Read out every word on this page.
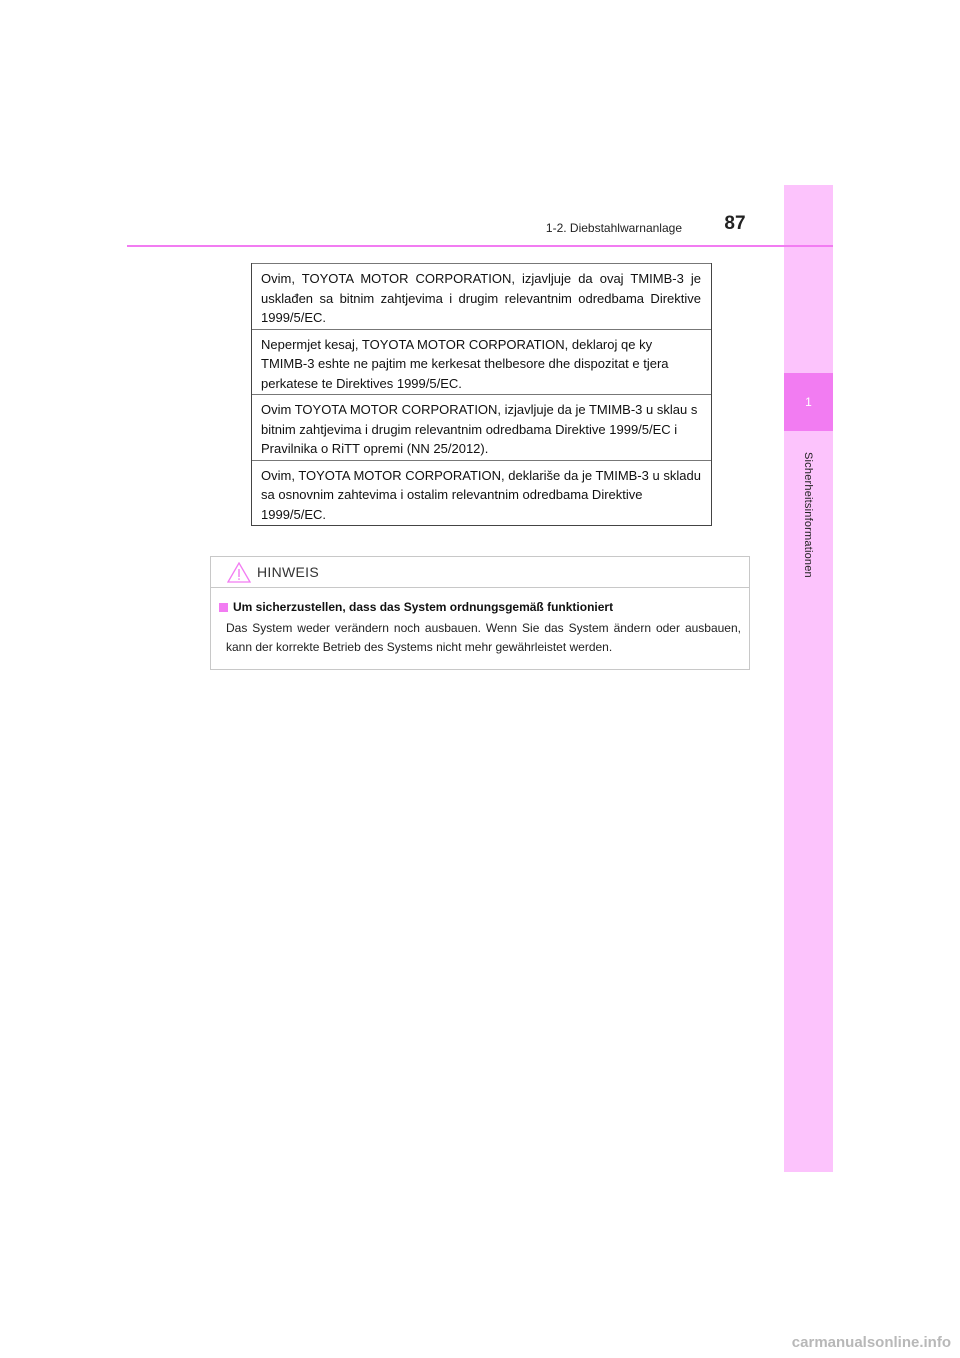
1
Sicherheitsinformationen
1-2. Diebstahlwarnanlage	87
Ovim, TOYOTA MOTOR CORPORATION, izjavljuje da ovaj TMIMB-3 je usklađen sa bitnim zahtjevima i drugim relevantnim odredbama Direktive 1999/5/EC.
Nepermjet kesaj, TOYOTA MOTOR CORPORATION, deklaroj qe ky TMIMB-3 eshte ne pajtim me kerkesat thelbesore dhe dispozitat e tjera perkatese te Direktives 1999/5/EC.
Ovim TOYOTA MOTOR CORPORATION, izjavljuje da je TMIMB-3 u sklau s bitnim zahtjevima i drugim relevantnim odredbama Direktive 1999/5/EC i Pravilnika o RiTT opremi (NN 25/2012).
Ovim, TOYOTA MOTOR CORPORATION, deklariše da je TMIMB-3 u skladu sa osnovnim zahtevima i ostalim relevantnim odredbama Direktive 1999/5/EC.
HINWEIS
Um sicherzustellen, dass das System ordnungsgemäß funktioniert
Das System weder verändern noch ausbauen. Wenn Sie das System ändern oder ausbauen, kann der korrekte Betrieb des Systems nicht mehr gewährleistet werden.
carmanualsonline.info
